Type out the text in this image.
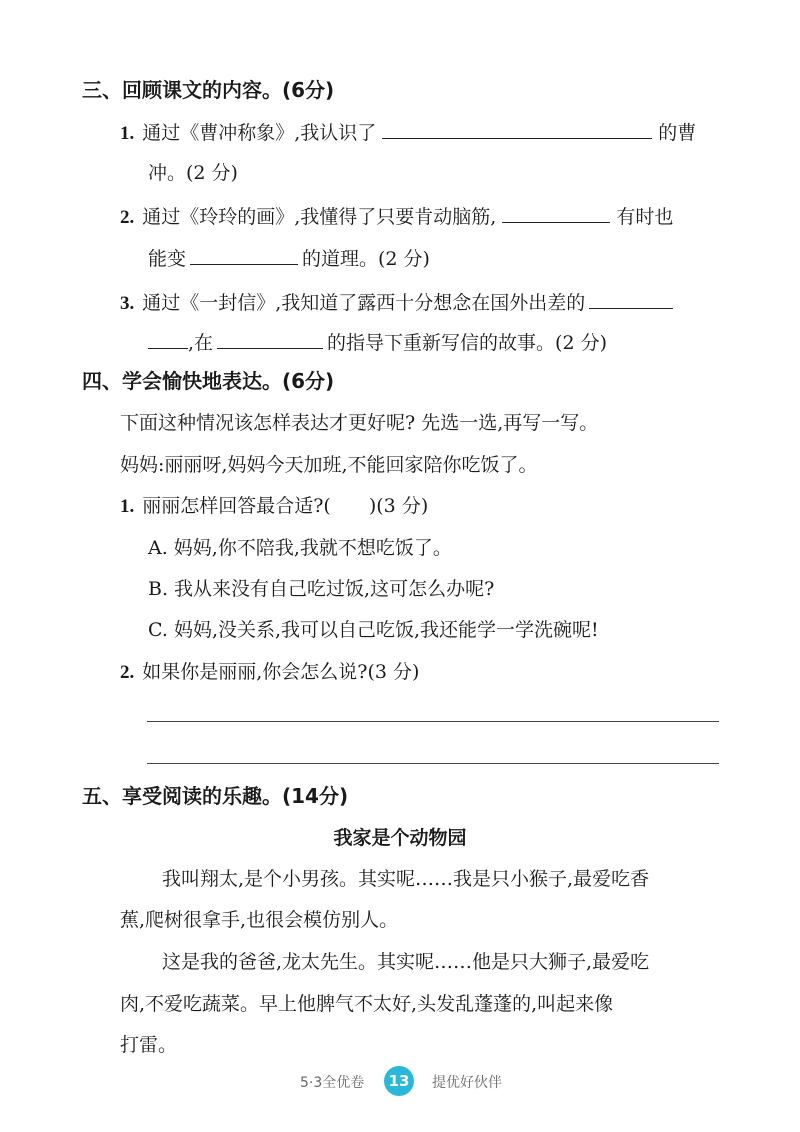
三、回顾课文的内容。(6分)
1. 通过《曹冲称象》,我认识了	的曹
冲。(2 分)
2. 通过《玲玲的画》,我懂得了只要肯动脑筋,	有时也
能变	的道理。(2 分)
3. 通过《一封信》,我知道了露西十分想念在国外出差的
,在	的指导下重新写信的故事。(2 分)
四、学会愉快地表达。(6分)
下面这种情况该怎样表达才更好呢? 先选一选,再写一写。
妈妈:丽丽呀,妈妈今天加班,不能回家陪你吃饭了。
1. 丽丽怎样回答最合适?( )(3 分)
A. 妈妈,你不陪我,我就不想吃饭了。
B. 我从来没有自己吃过饭,这可怎么办呢?
C. 妈妈,没关系,我可以自己吃饭,我还能学一学洗碗呢!
2. 如果你是丽丽,你会怎么说?(3 分)
五、享受阅读的乐趣。(14分)
我家是个动物园
我叫翔太,是个小男孩。其实呢……我是只小猴子,最爱吃香
蕉,爬树很拿手,也很会模仿别人。
这是我的爸爸,龙太先生。其实呢……他是只大狮子,最爱吃
肉,不爱吃蔬菜。早上他脾气不太好,头发乱蓬蓬的,叫起来像
打雷。
5·3全优卷	13	提优好伙伴
